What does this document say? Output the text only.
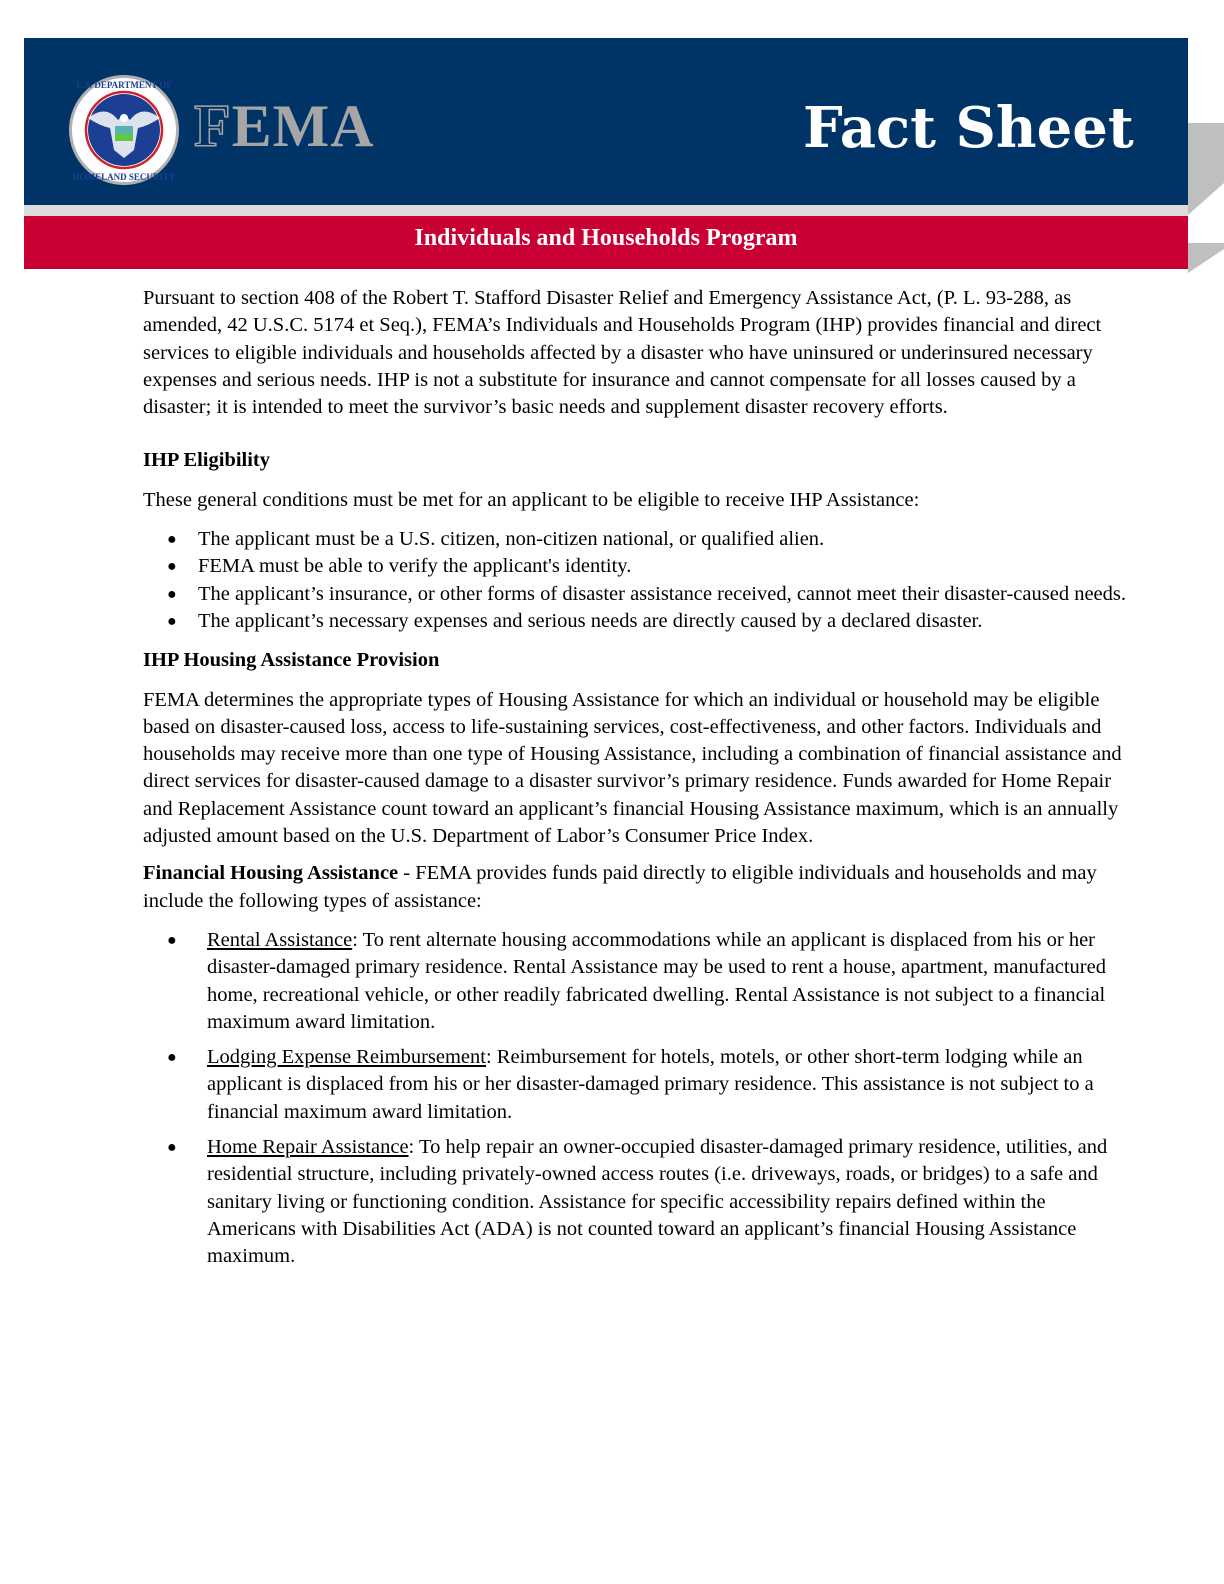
U.S. DEPARTMENT OF
HOMELAND SECURITY
FEMA	Fact Sheet
Individuals and Households Program

Pursuant to section 408 of the Robert T. Stafford Disaster Relief and Emergency Assistance Act, (P. L. 93-288, as amended, 42 U.S.C. 5174 et Seq.), FEMA’s Individuals and Households Program (IHP) provides financial and direct services to eligible individuals and households affected by a disaster who have uninsured or underinsured necessary expenses and serious needs. IHP is not a substitute for insurance and cannot compensate for all losses caused by a disaster; it is intended to meet the survivor’s basic needs and supplement disaster recovery efforts.

IHP Eligibility

These general conditions must be met for an applicant to be eligible to receive IHP Assistance:

● The applicant must be a U.S. citizen, non-citizen national, or qualified alien.
● FEMA must be able to verify the applicant's identity.
● The applicant’s insurance, or other forms of disaster assistance received, cannot meet their disaster-caused needs.
● The applicant’s necessary expenses and serious needs are directly caused by a declared disaster.
IHP Housing Assistance Provision

FEMA determines the appropriate types of Housing Assistance for which an individual or household may be eligible based on disaster-caused loss, access to life-sustaining services, cost-effectiveness, and other factors. Individuals and households may receive more than one type of Housing Assistance, including a combination of financial assistance and direct services for disaster-caused damage to a disaster survivor’s primary residence. Funds awarded for Home Repair and Replacement Assistance count toward an applicant’s financial Housing Assistance maximum, which is an annually adjusted amount based on the U.S. Department of Labor’s Consumer Price Index.

Financial Housing Assistance - FEMA provides funds paid directly to eligible individuals and households and may include the following types of assistance:

● Rental Assistance: To rent alternate housing accommodations while an applicant is displaced from his or her disaster-damaged primary residence. Rental Assistance may be used to rent a house, apartment, manufactured home, recreational vehicle, or other readily fabricated dwelling. Rental Assistance is not subject to a financial maximum award limitation.
● Lodging Expense Reimbursement: Reimbursement for hotels, motels, or other short-term lodging while an applicant is displaced from his or her disaster-damaged primary residence. This assistance is not subject to a financial maximum award limitation.
● Home Repair Assistance: To help repair an owner-occupied disaster-damaged primary residence, utilities, and residential structure, including privately-owned access routes (i.e. driveways, roads, or bridges) to a safe and sanitary living or functioning condition. Assistance for specific accessibility repairs defined within the Americans with Disabilities Act (ADA) is not counted toward an applicant’s financial Housing Assistance maximum.
